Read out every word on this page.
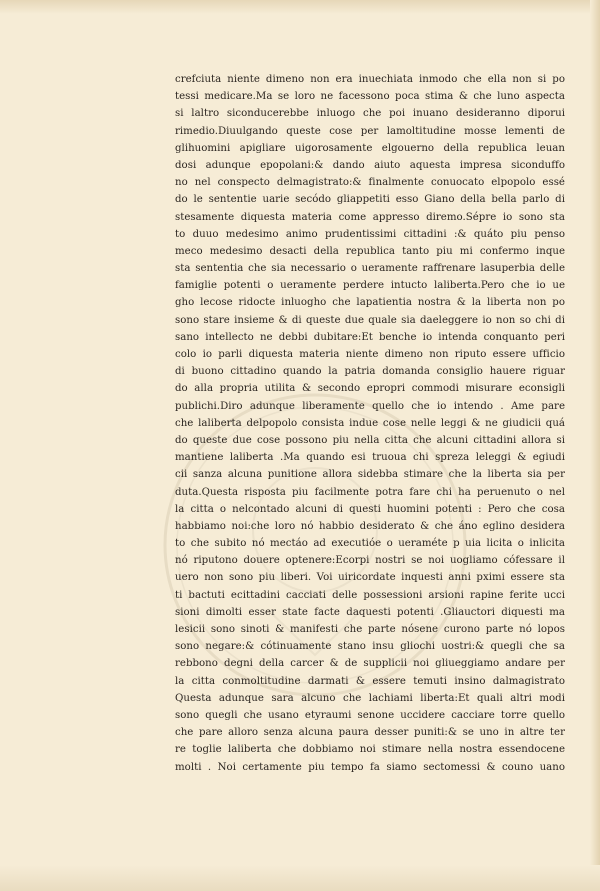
crefciuta niente dimeno non era inuechiata inmodo che ella non si po
tessi medicare.Ma se loro ne facessono poca stima & che luno aspecta
si laltro siconducerebbe inluogo che poi inuano desideranno diporui
rimedio.Diuulgando queste cose per lamoltitudine mosse lementi de
glihuomini apigliare uigorosamente elgouerno della republica leuan
dosi adunque epopolani:& dando aiuto aquesta impresa siconduffo
no nel conspecto delmagistrato:& finalmente conuocato elpopolo essé
do le sententie uarie secódo gliappetiti esso Giano della bella parlo di
stesamente diquesta materia come appresso diremo.Sépre io sono sta
to duuo medesimo animo prudentissimi cittadini :& quáto piu penso
meco medesimo desacti della republica tanto piu mi confermo inque
sta sententia che sia necessario o ueramente raffrenare lasuperbia delle
famiglie potenti o ueramente perdere intucto laliberta.Pero che io ue
gho lecose ridocte inluogho che lapatientia nostra & la liberta non po
sono stare insieme & di queste due quale sia daeleggere io non so chi di
sano intellecto ne debbi dubitare:Et benche io intenda conquanto peri
colo io parli diquesta materia niente dimeno non riputo essere ufficio
di buono cittadino quando la patria domanda consiglio hauere riguar
do alla propria utilita & secondo epropri commodi misurare econsigli
publichi.Diro adunque liberamente quello che io intendo . Ame pare
che laliberta delpopolo consista indue cose nelle leggi & ne giudicii quá
do queste due cose possono piu nella citta che alcuni cittadini allora si
mantiene laliberta .Ma quando esi truoua chi spreza leleggi & egiudi
cii sanza alcuna punitione allora sidebba stimare che la liberta sia per
duta.Questa risposta piu facilmente potra fare chi ha peruenuto o nel
la citta o nelcontado alcuni di questi huomini potenti : Pero che cosa
habbiamo noi:che loro nó habbio desiderato & che áno eglino desidera
to che subito nó mectáo ad executióe o ueraméte p uia licita o inlicita
nó riputono douere optenere:Ecorpi nostri se noi uogliamo cófessare il
uero non sono piu liberi. Voi uiricordate inquesti anni pximi essere sta
ti bactuti ecittadini cacciati delle possessioni arsioni rapine ferite ucci
sioni dimolti esser state facte daquesti potenti .Gliauctori diquesti ma
lesicii sono sinoti & manifesti che parte nósene curono parte nó lopos
sono negare:& cótinuamente stano insu gliochi uostri:& quegli che sa
rebbono degni della carcer & de supplicii noi gliueggiamo andare per
la citta conmoltitudine darmati & essere temuti insino dalmagistrato
Questa adunque sara alcuno che lachiami liberta:Et quali altri modi
sono quegli che usano etyraumi senone uccidere cacciare torre quello
che pare alloro senza alcuna paura desser puniti:& se uno in altre ter
re toglie laliberta che dobbiamo noi stimare nella nostra essendocene
molti . Noi certamente piu tempo fa siamo sectomessi & couno uano
